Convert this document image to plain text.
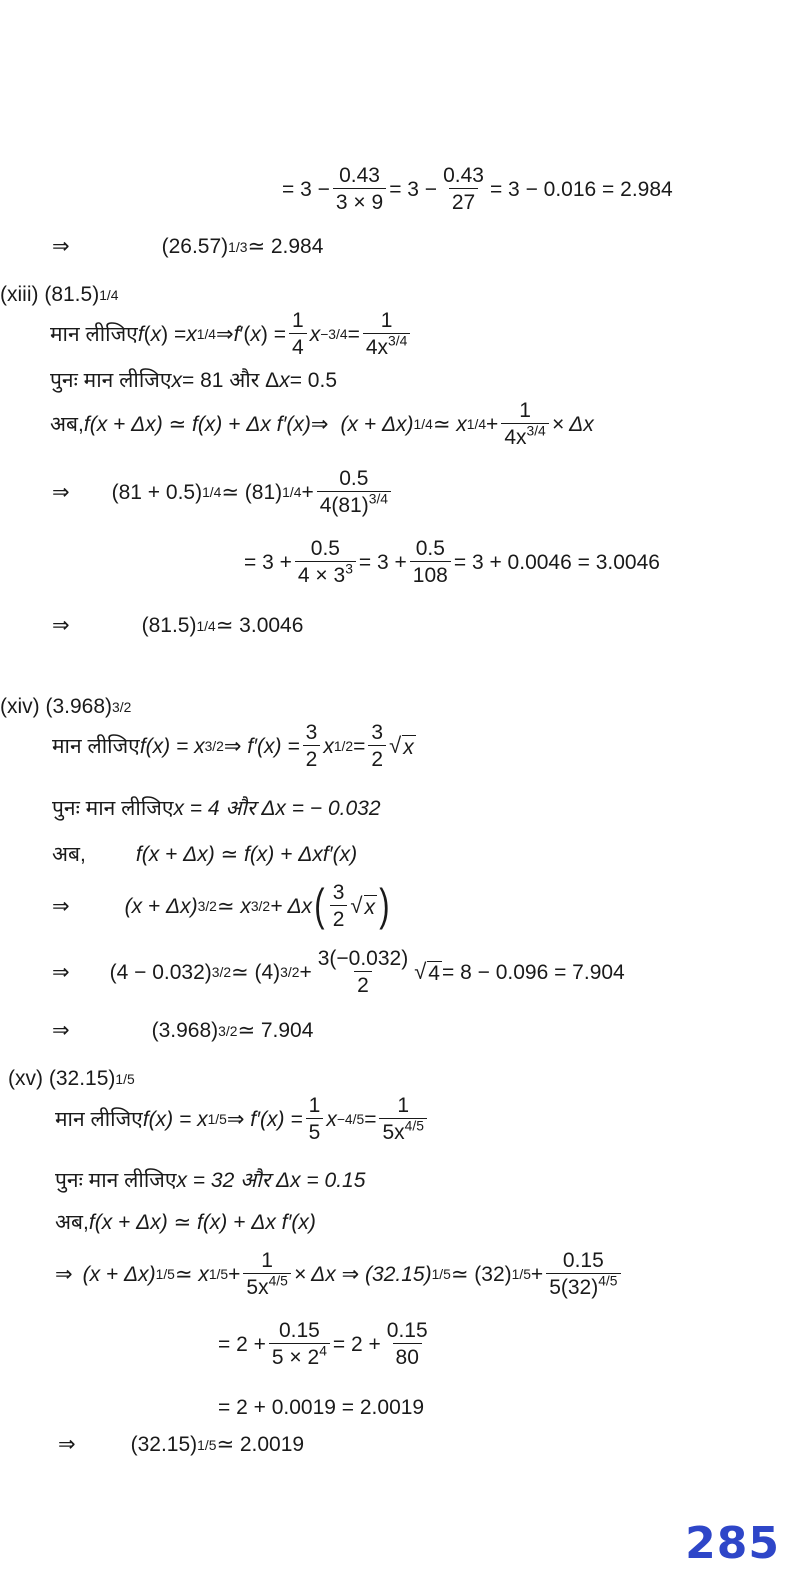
= $3 - \frac{0.43}{3 \times 9} = 3 - \frac{0.43}{27} = 3 - 0.016 = 2.984$
⇒	(26.57) 1/3 ≃ 2.984
(xiii)
(81.5) 1/4
मान लीजिए f ( x ) = x 1/4 ⇒ f ′( x ) = $\frac{1}{4}$ $x -3/4 = \frac{1}{4x^{3/4}}$
पुनः मान लीजिए x = 81 और Δ x = 0.5
अब, f(x + Δx) ≃ f(x) + Δx f′(x) ⇒ (x + Δx) 1/4 ≃ x $1/4 + \frac{1}{4x^{3/4}} \times \Delta x$
⇒ (81 + 0.5) 1/4 ≃ (81) $1/4 + \frac{0.5}{4(81)^{3/4}}$
= $3 + \frac{0.5}{4 \times 3^3} = 3 + \frac{0.5}{108} = 3 + 0.0046 = 3.0046$
⇒	(81.5) 1/4 ≃ 3.0046
(xiv)
(3.968) 3/2
मान लीजिए f(x) = x 3/2 ⇒ $f'(x) = \frac{3}{2}$ x $1/2 = \frac{3}{2}$ √ x
पुनः मान लीजिए x = 4 और Δx = − 0.032
अब, f(x + Δx) ≃ f(x) + Δxf′(x)
⇒	(x + Δx) 3/2 ≃ x 3/2 + Δx ( $\frac{3}{2}$ √ x )
⇒ (4 − 0.032) 3/2 ≃ (4) $3/2 + \frac{3(-0.032)}{2}$ √ 4 = 8 − 0.096 = 7.904
⇒	(3.968) 3/2 ≃ 7.904
(xv)
(32.15) 1/5
मान लीजिए f(x) = x 1/5 ⇒ $f'(x) = \frac{1}{5}$ $x -4/5 = \frac{1}{5x^{4/5}}$
पुनः मान लीजिए x = 32 और Δx = 0.15
अब, f(x + Δx) ≃ f(x) + Δx f′(x)
⇒ (x + Δx) 1/5 ≃ x $1/5 + \frac{1}{5x^{4/5}} \times \Delta x$ ⇒ (32.15) 1/5 ≃ (32) $1/5 + \frac{0.15}{5(32)^{4/5}}$
= $2 + \frac{0.15}{5 \times 2^4} = 2 + \frac{0.15}{80}$
= 2 + 0.0019 = 2.0019
⇒	(32.15) 1/5 ≃ 2.0019
285
